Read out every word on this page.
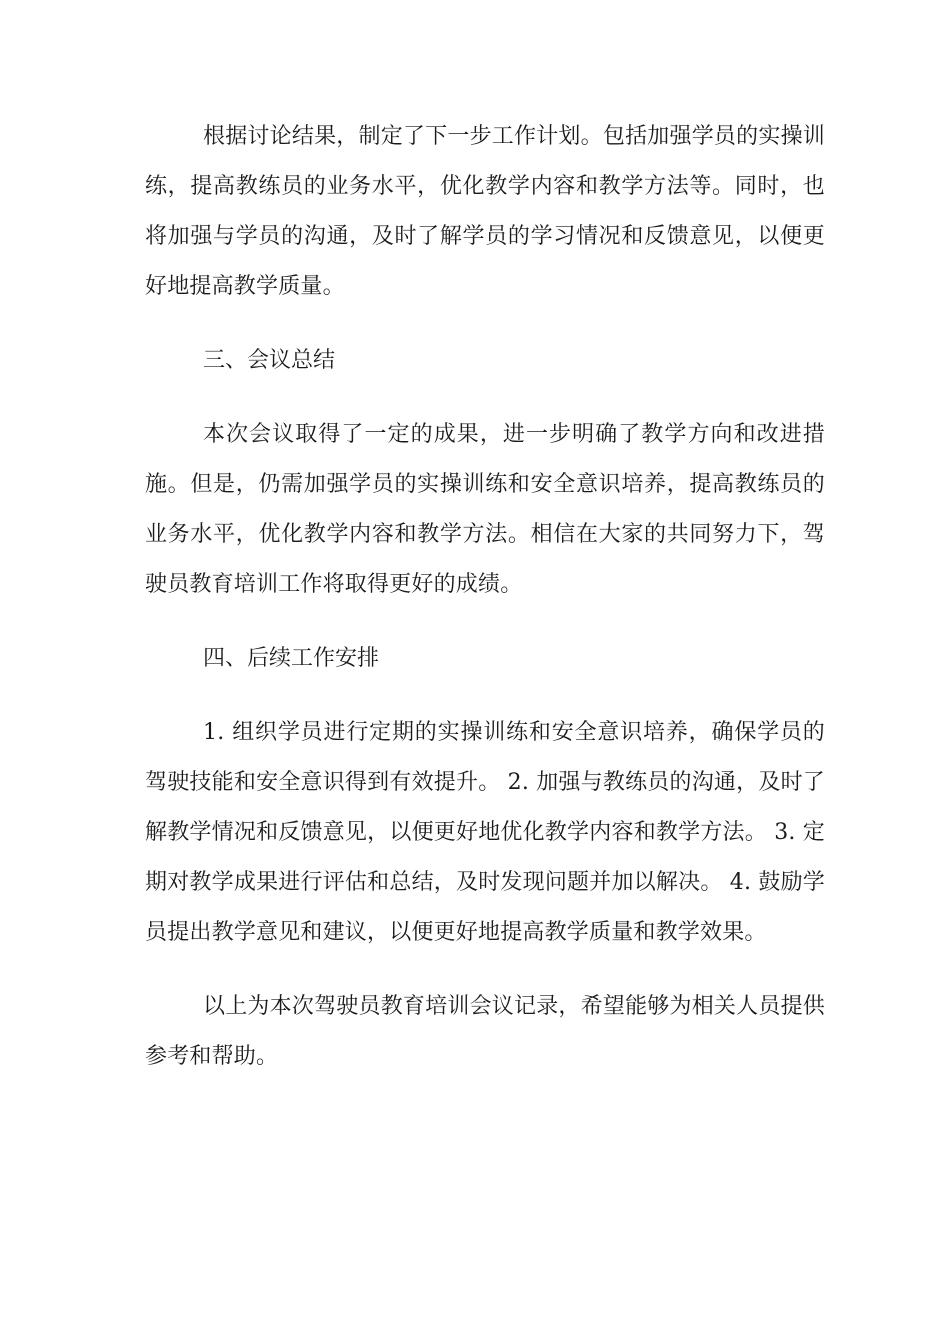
根据讨论结果，制定了下一步工作计划。包括加强学员的实操训练，提高教练员的业务水平，优化教学内容和教学方法等。同时，也将加强与学员的沟通，及时了解学员的学习情况和反馈意见，以便更好地提高教学质量。

三、会议总结

本次会议取得了一定的成果，进一步明确了教学方向和改进措施。但是，仍需加强学员的实操训练和安全意识培养，提高教练员的业务水平，优化教学内容和教学方法。相信在大家的共同努力下，驾驶员教育培训工作将取得更好的成绩。

四、后续工作安排

1. 组织学员进行定期的实操训练和安全意识培养，确保学员的驾驶技能和安全意识得到有效提升。 2. 加强与教练员的沟通，及时了解教学情况和反馈意见，以便更好地优化教学内容和教学方法。 3. 定期对教学成果进行评估和总结，及时发现问题并加以解决。 4. 鼓励学员提出教学意见和建议，以便更好地提高教学质量和教学效果。

以上为本次驾驶员教育培训会议记录，希望能够为相关人员提供参考和帮助。
